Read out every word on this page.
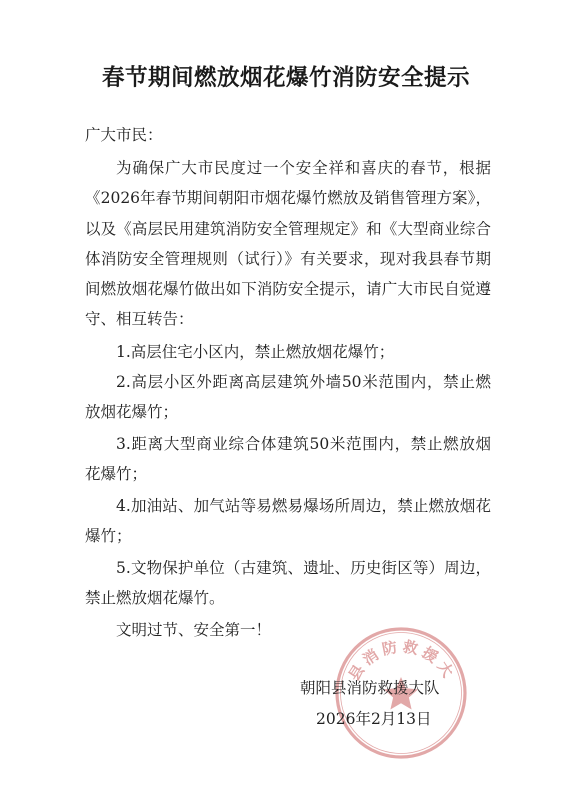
春节期间燃放烟花爆竹消防安全提示
广大市民：
为确保广大市民度过一个安全祥和喜庆的春节，根据《2026年春节期间朝阳市烟花爆竹燃放及销售管理方案》，以及《高层民用建筑消防安全管理规定》和《大型商业综合体消防安全管理规则（试行）》有关要求，现对我县春节期间燃放烟花爆竹做出如下消防安全提示，请广大市民自觉遵守、相互转告：
1.高层住宅小区内，禁止燃放烟花爆竹；
2.高层小区外距离高层建筑外墙50米范围内，禁止燃放烟花爆竹；
3.距离大型商业综合体建筑50米范围内，禁止燃放烟花爆竹；
4.加油站、加气站等易燃易爆场所周边，禁止燃放烟花爆竹；
5.文物保护单位（古建筑、遗址、历史街区等）周边，禁止燃放烟花爆竹。
文明过节、安全第一！
县消防救援大
朝阳县消防救援大队
2026年2月13日
